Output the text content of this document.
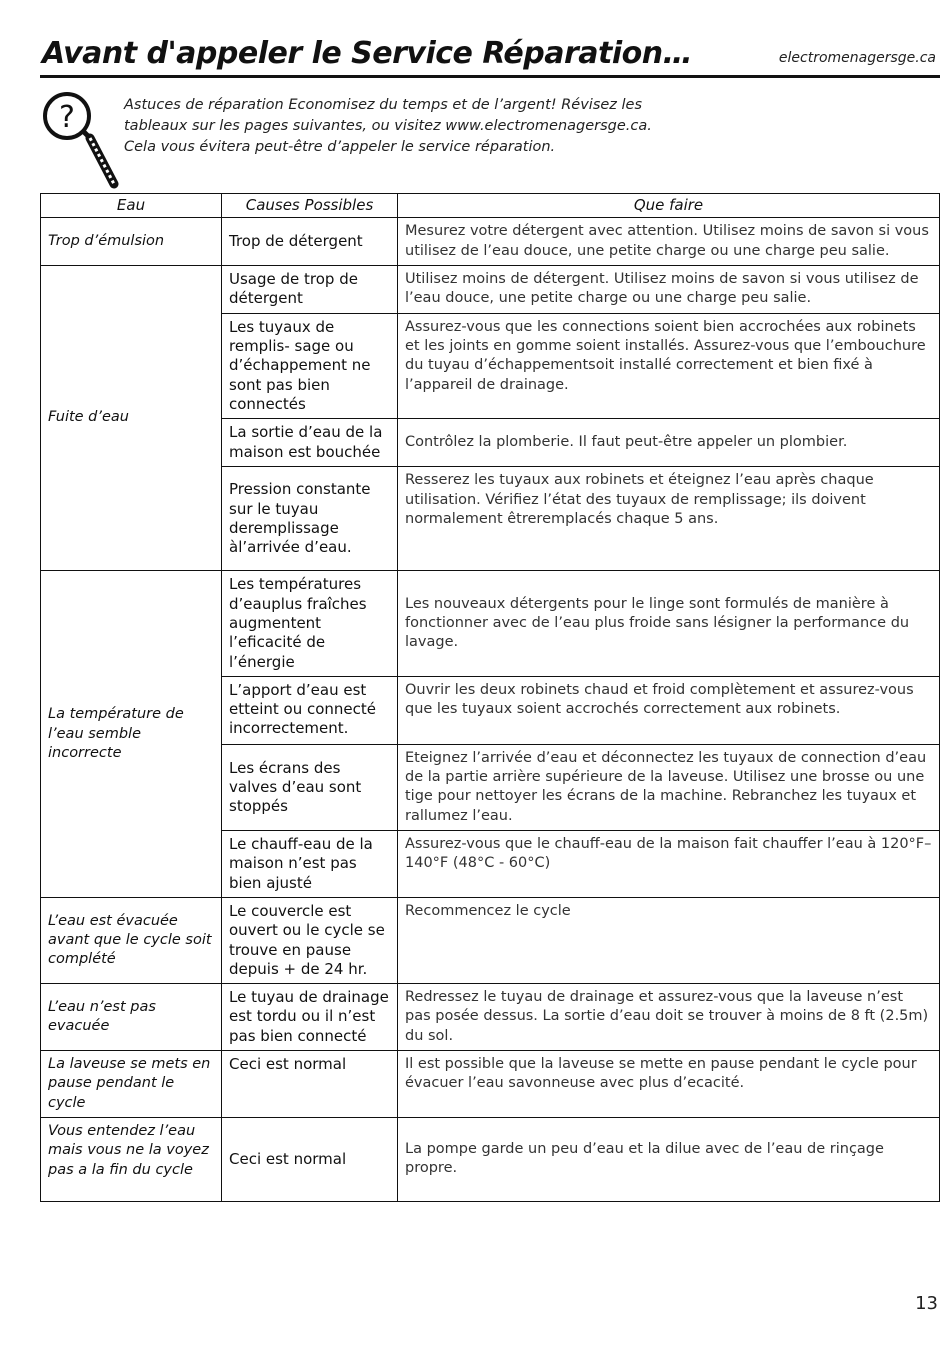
Avant d'appeler le Service Réparation…	electromenagersge.ca
?	Astuces de réparation Economisez du temps et de l’argent! Révisez les

tableaux sur les pages suivantes, ou visitez www.electromenagersge.ca.

Cela vous évitera peut-être d’appeler le service réparation.

Eau	Causes Possibles	Que faire
Trop d’émulsion	Trop de détergent	Mesurez votre détergent avec attention. Utilisez moins de savon si vous utilisez de l’eau douce, une petite charge ou une charge peu salie.
Fuite d’eau	Usage de trop de détergent	Utilisez moins de détergent. Utilisez moins de savon si vous utilisez de l’eau douce, une petite charge ou une charge peu salie.
	Les tuyaux de remplis- sage ou d’échappement ne sont pas bien connectés	Assurez-vous que les connections soient bien accrochées aux robinets et les joints en gomme soient installés. Assurez-vous que l’embouchure du tuyau d’échappementsoit installé correctement et bien fixé à l’appareil de drainage.
	La sortie d’eau de la maison est bouchée	Contrôlez la plomberie. Il faut peut-être appeler un plombier.
	Pression constante sur le tuyau deremplissage àl’arrivée d’eau.	Resserez les tuyaux aux robinets et éteignez l’eau après chaque utilisation. Vérifiez l’état des tuyaux de remplissage; ils doivent normalement êtreremplacés chaque 5 ans.
La température de l’eau semble incorrecte	Les températures d’eauplus fraîches augmentent l’eficacité de l’énergie	Les nouveaux détergents pour le linge sont formulés de manière à fonctionner avec de l’eau plus froide sans lésigner la performance du lavage.
	L’apport d’eau est etteint ou connecté incorrectement.	Ouvrir les deux robinets chaud et froid complètement et assurez-vous que les tuyaux soient accrochés correctement aux robinets.
	Les écrans des valves d’eau sont stoppés	Eteignez l’arrivée d’eau et déconnectez les tuyaux de connection d’eau de la partie arrière supérieure de la laveuse. Utilisez une brosse ou une tige pour nettoyer les écrans de la machine. Rebranchez les tuyaux et rallumez l’eau.
	Le chauff-eau de la maison n’est pas bien ajusté	Assurez-vous que le chauff-eau de la maison fait chauffer l’eau à 120°F–140°F (48°C - 60°C)
L’eau est évacuée avant que le cycle soit complété	Le couvercle est ouvert ou le cycle se trouve en pause depuis + de 24 hr.	Recommencez le cycle
L’eau n’est pas evacuée	Le tuyau de drainage est tordu ou il n’est pas bien connecté	Redressez le tuyau de drainage et assurez-vous que la laveuse n’est pas posée dessus. La sortie d’eau doit se trouver à moins de 8 ft (2.5m) du sol.
La laveuse se mets en pause pendant le cycle	Ceci est normal	Il est possible que la laveuse se mette en pause pendant le cycle pour évacuer l’eau savonneuse avec plus d’ecacité.
Vous entendez l’eau mais vous ne la voyez pas a la fin du cycle	Ceci est normal	La pompe garde un peu d’eau et la dilue avec de l’eau de rinçage propre.
13
